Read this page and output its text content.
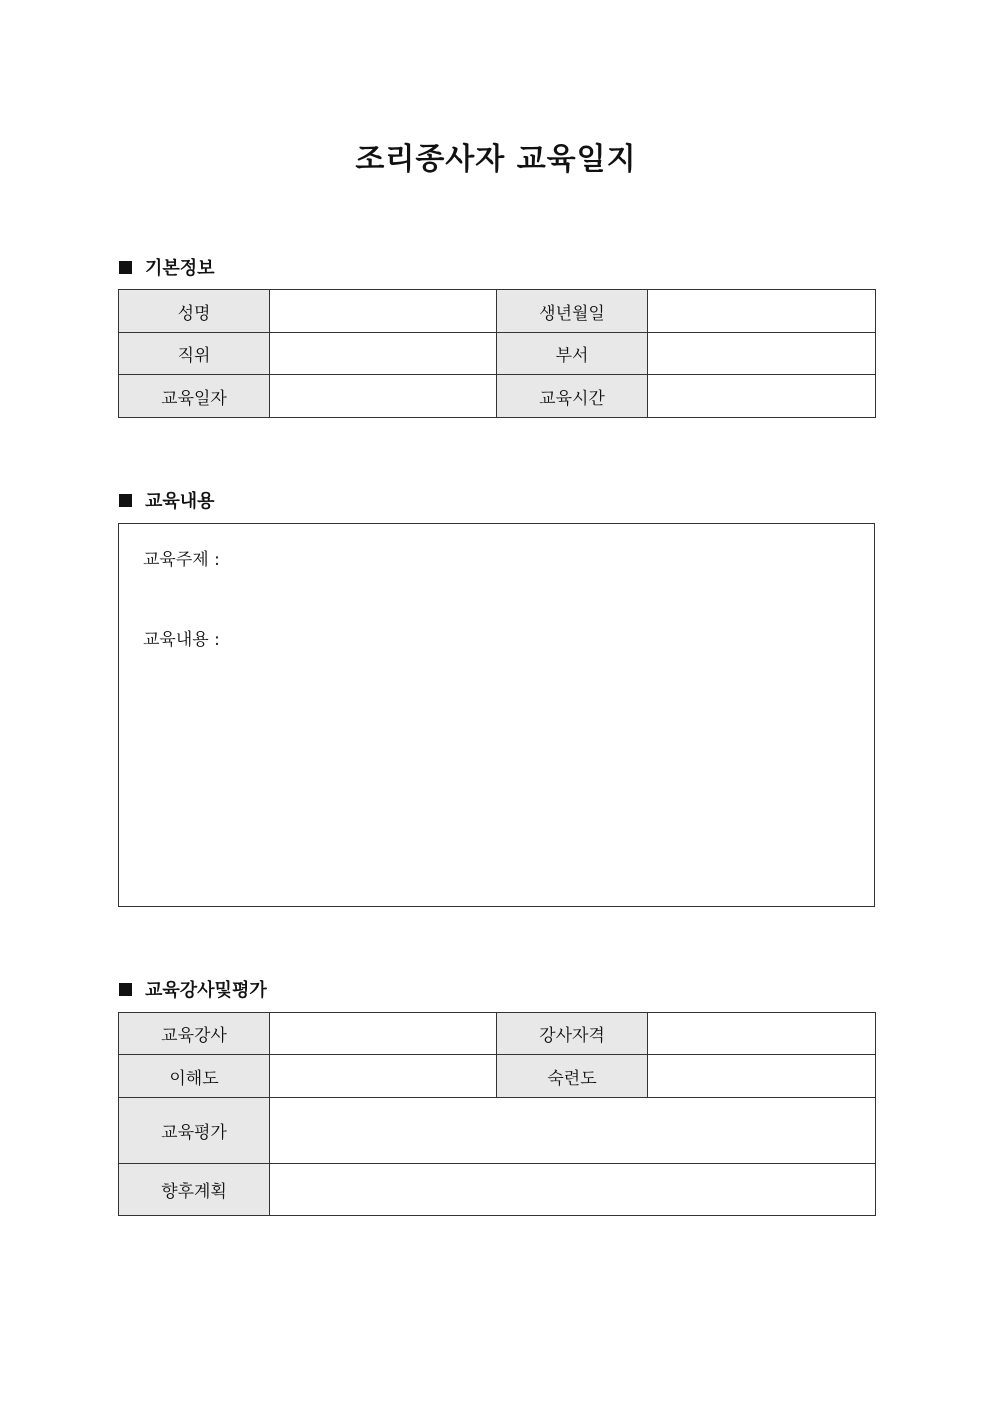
조리종사자 교육일지
기본정보
성명		생년월일	
직위		부서	
교육일자		교육시간	
교육내용
교육주제 :
교육내용 :
교육강사및평가
교육강사		강사자격	
이해도		숙련도	
교육평가			
향후계획			
